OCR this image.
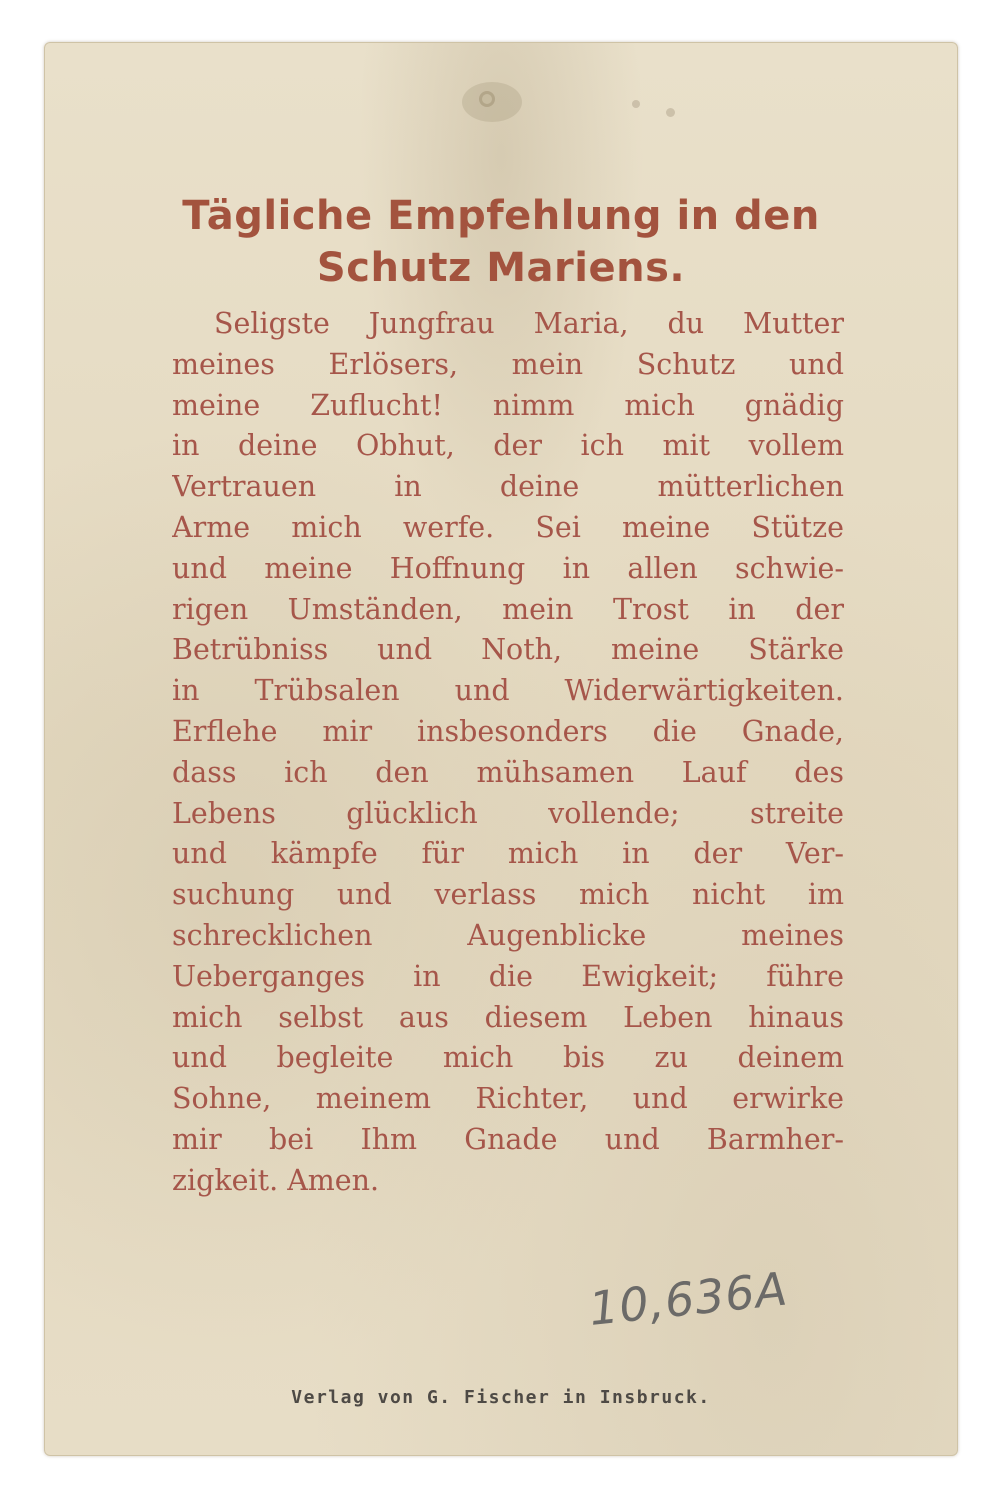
Tägliche Empfehlung in den
Schutz Mariens.
Seligste Jungfrau Maria, du Mutter
meines Erlösers, mein Schutz und
meine Zuflucht! nimm mich gnädig
in deine Obhut, der ich mit vollem
Vertrauen in deine mütterlichen
Arme mich werfe. Sei meine Stütze
und meine Hoffnung in allen schwie-
rigen Umständen, mein Trost in der
Betrübniss und Noth, meine Stärke
in Trübsalen und Widerwärtigkeiten.
Erflehe mir insbesonders die Gnade,
dass ich den mühsamen Lauf des
Lebens glücklich vollende; streite
und kämpfe für mich in der Ver-
suchung und verlass mich nicht im
schrecklichen Augenblicke meines
Ueberganges in die Ewigkeit; führe
mich selbst aus diesem Leben hinaus
und begleite mich bis zu deinem
Sohne, meinem Richter, und erwirke
mir bei Ihm Gnade und Barmher-
zigkeit. Amen.
10,636A
Verlag von G. Fischer in Insbruck.
